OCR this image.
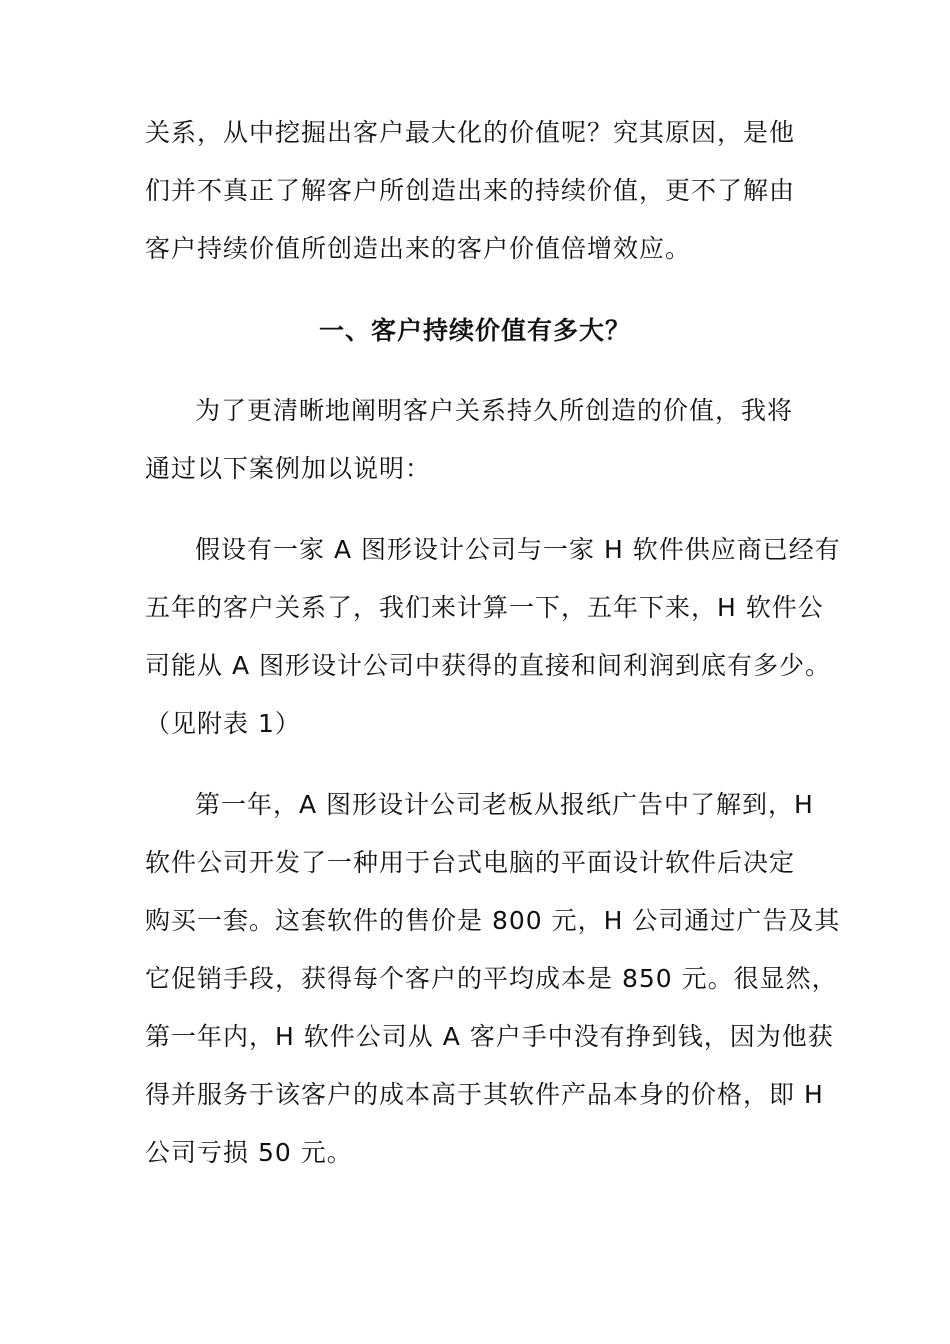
关系，从中挖掘出客户最大化的价值呢？究其原因，是他
们并不真正了解客户所创造出来的持续价值，更不了解由
客户持续价值所创造出来的客户价值倍增效应。
一、客户持续价值有多大？
为了更清晰地阐明客户关系持久所创造的价值，我将
通过以下案例加以说明：
假设有一家 A 图形设计公司与一家 H 软件供应商已经有
五年的客户关系了，我们来计算一下，五年下来，H 软件公
司能从 A 图形设计公司中获得的直接和间利润到底有多少。
（见附表 1）
第一年，A 图形设计公司老板从报纸广告中了解到，H
软件公司开发了一种用于台式电脑的平面设计软件后决定
购买一套。这套软件的售价是 800 元，H 公司通过广告及其
它促销手段，获得每个客户的平均成本是 850 元。很显然，
第一年内，H 软件公司从 A 客户手中没有挣到钱，因为他获
得并服务于该客户的成本高于其软件产品本身的价格，即 H
公司亏损 50 元。
